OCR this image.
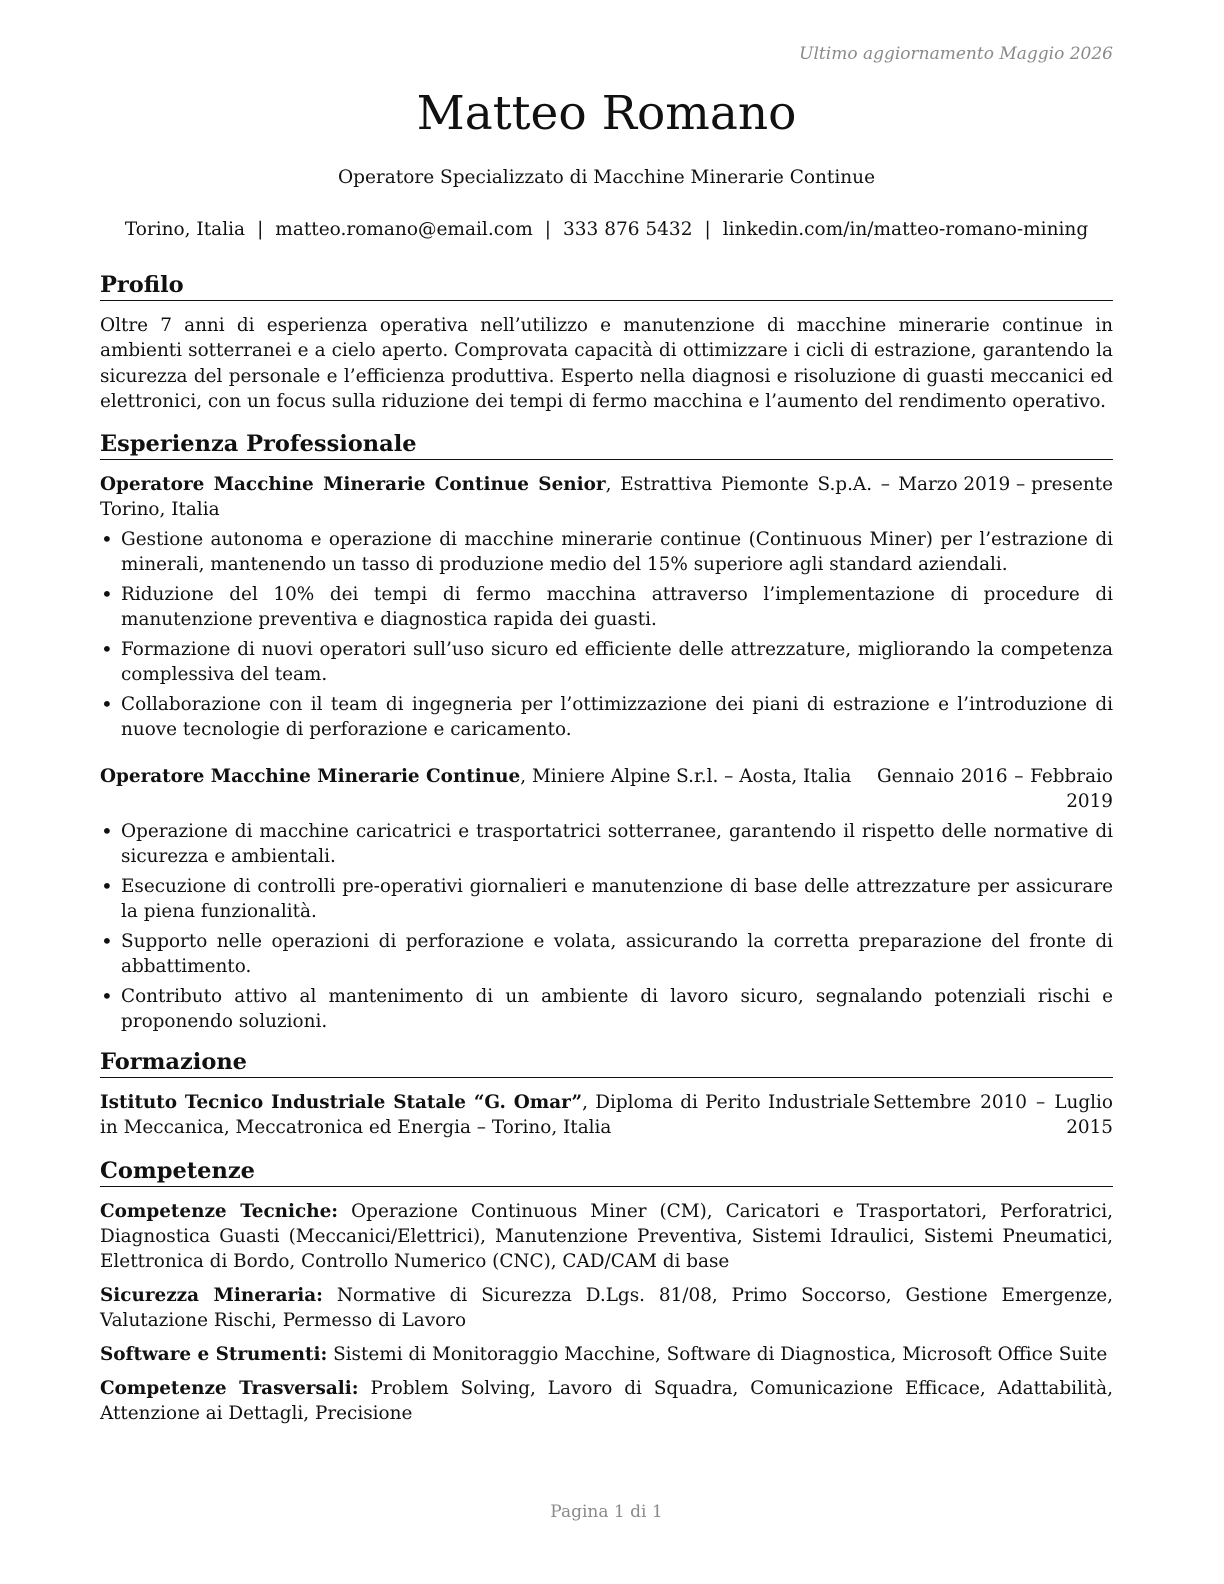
Ultimo aggiornamento Maggio 2026
Matteo Romano
Operatore Specializzato di Macchine Minerarie Continue
Torino, Italia | matteo.romano@email.com | 333 876 5432 | linkedin.com/in/matteo-romano-mining
Profilo

Oltre 7 anni di esperienza operativa nell’utilizzo e manutenzione di macchine minerarie continue in ambienti sotterranei e a cielo aperto. Comprovata capacità di ottimizzare i cicli di estrazione, garantendo la sicurezza del personale e l’efficienza produttiva. Esperto nella diagnosi e risoluzione di guasti meccanici ed elettronici, con un focus sulla riduzione dei tempi di fermo macchina e l’aumento del rendimento operativo.

Esperienza Professionale
Operatore Macchine Minerarie Continue Senior, Estrattiva Piemonte S.p.A. – Torino, Italia
Marzo 2019 – presente
• Gestione autonoma e operazione di macchine minerarie continue (Continuous Miner) per l’estrazione di minerali, mantenendo un tasso di produzione medio del 15% superiore agli standard aziendali.
• Riduzione del 10% dei tempi di fermo macchina attraverso l’implementazione di procedure di manutenzione preventiva e diagnostica rapida dei guasti.
• Formazione di nuovi operatori sull’uso sicuro ed efficiente delle attrezzature, migliorando la competenza complessiva del team.
• Collaborazione con il team di ingegneria per l’ottimizzazione dei piani di estrazione e l’introduzione di nuove tecnologie di perforazione e caricamento.
Operatore Macchine Minerarie Continue, Miniere Alpine S.r.l. – Aosta, Italia	Gennaio 2016 – Febbraio 2019
• Operazione di macchine caricatrici e trasportatrici sotterranee, garantendo il rispetto delle normative di sicurezza e ambientali.
• Esecuzione di controlli pre-operativi giornalieri e manutenzione di base delle attrezzature per assicurare la piena funzionalità.
• Supporto nelle operazioni di perforazione e volata, assicurando la corretta preparazione del fronte di abbattimento.
• Contributo attivo al mantenimento di un ambiente di lavoro sicuro, segnalando potenziali rischi e proponendo soluzioni.
Formazione
Istituto Tecnico Industriale Statale “G. Omar”, Diploma di Perito Industriale in Meccanica, Meccatronica ed Energia – Torino, Italia
Settembre 2010 – Luglio 2015
Competenze
Competenze Tecniche: Operazione Continuous Miner (CM), Caricatori e Trasportatori, Perforatrici, Diagnostica Guasti (Meccanici/Elettrici), Manutenzione Preventiva, Sistemi Idraulici, Sistemi Pneumatici, Elettronica di Bordo, Controllo Numerico (CNC), CAD/CAM di base
Sicurezza Mineraria: Normative di Sicurezza D.Lgs. 81/08, Primo Soccorso, Gestione Emergenze, Valutazione Rischi, Permesso di Lavoro
Software e Strumenti: Sistemi di Monitoraggio Macchine, Software di Diagnostica, Microsoft Office Suite
Competenze Trasversali: Problem Solving, Lavoro di Squadra, Comunicazione Efficace, Adattabilità, Attenzione ai Dettagli, Precisione
Pagina 1 di 1
